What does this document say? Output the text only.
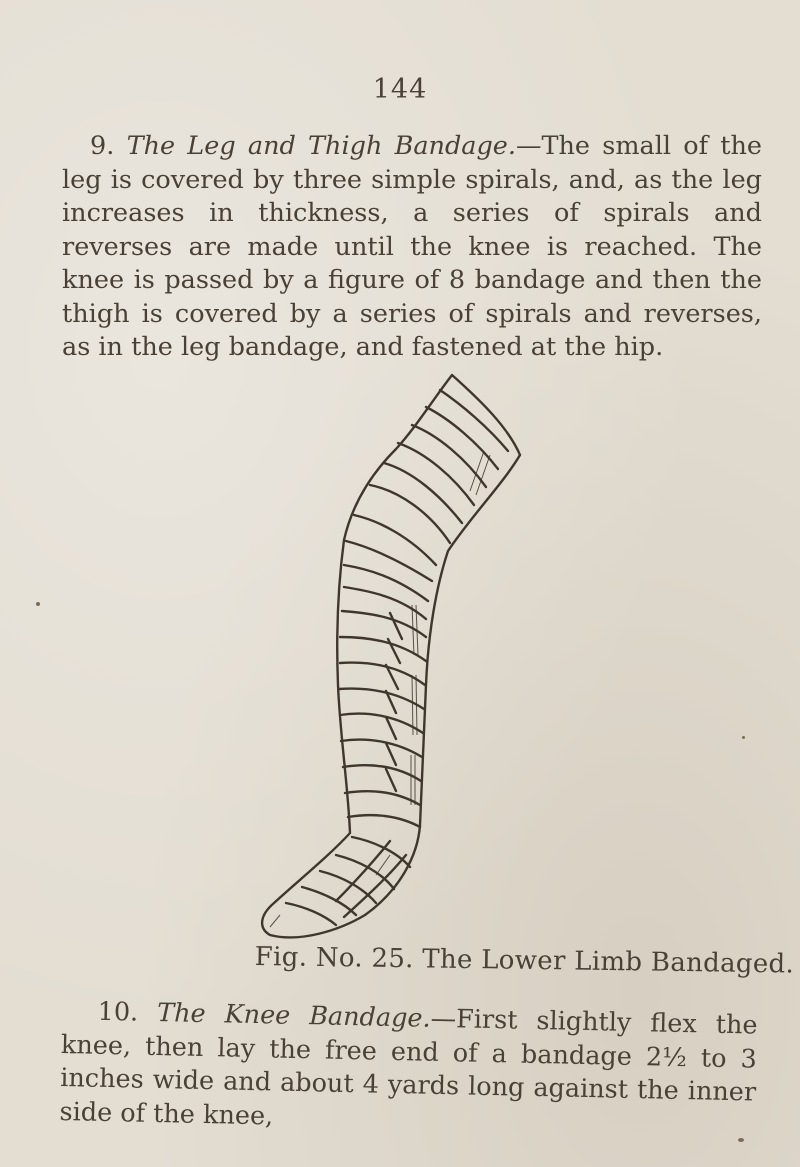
144

9. The Leg and Thigh Bandage.—The small of the leg is covered by three simple spirals, and, as the leg increases in thickness, a series of spirals and reverses are made until the knee is reached. The knee is passed by a figure of 8 bandage and then the thigh is covered by a series of spirals and reverses, as in the leg bandage, and fastened at the hip.

Fig. No. 25. The Lower Limb Bandaged.

10. The Knee Bandage.—First slightly flex the knee, then lay the free end of a bandage 2½ to 3 inches wide and about 4 yards long against the inner side of the knee,
